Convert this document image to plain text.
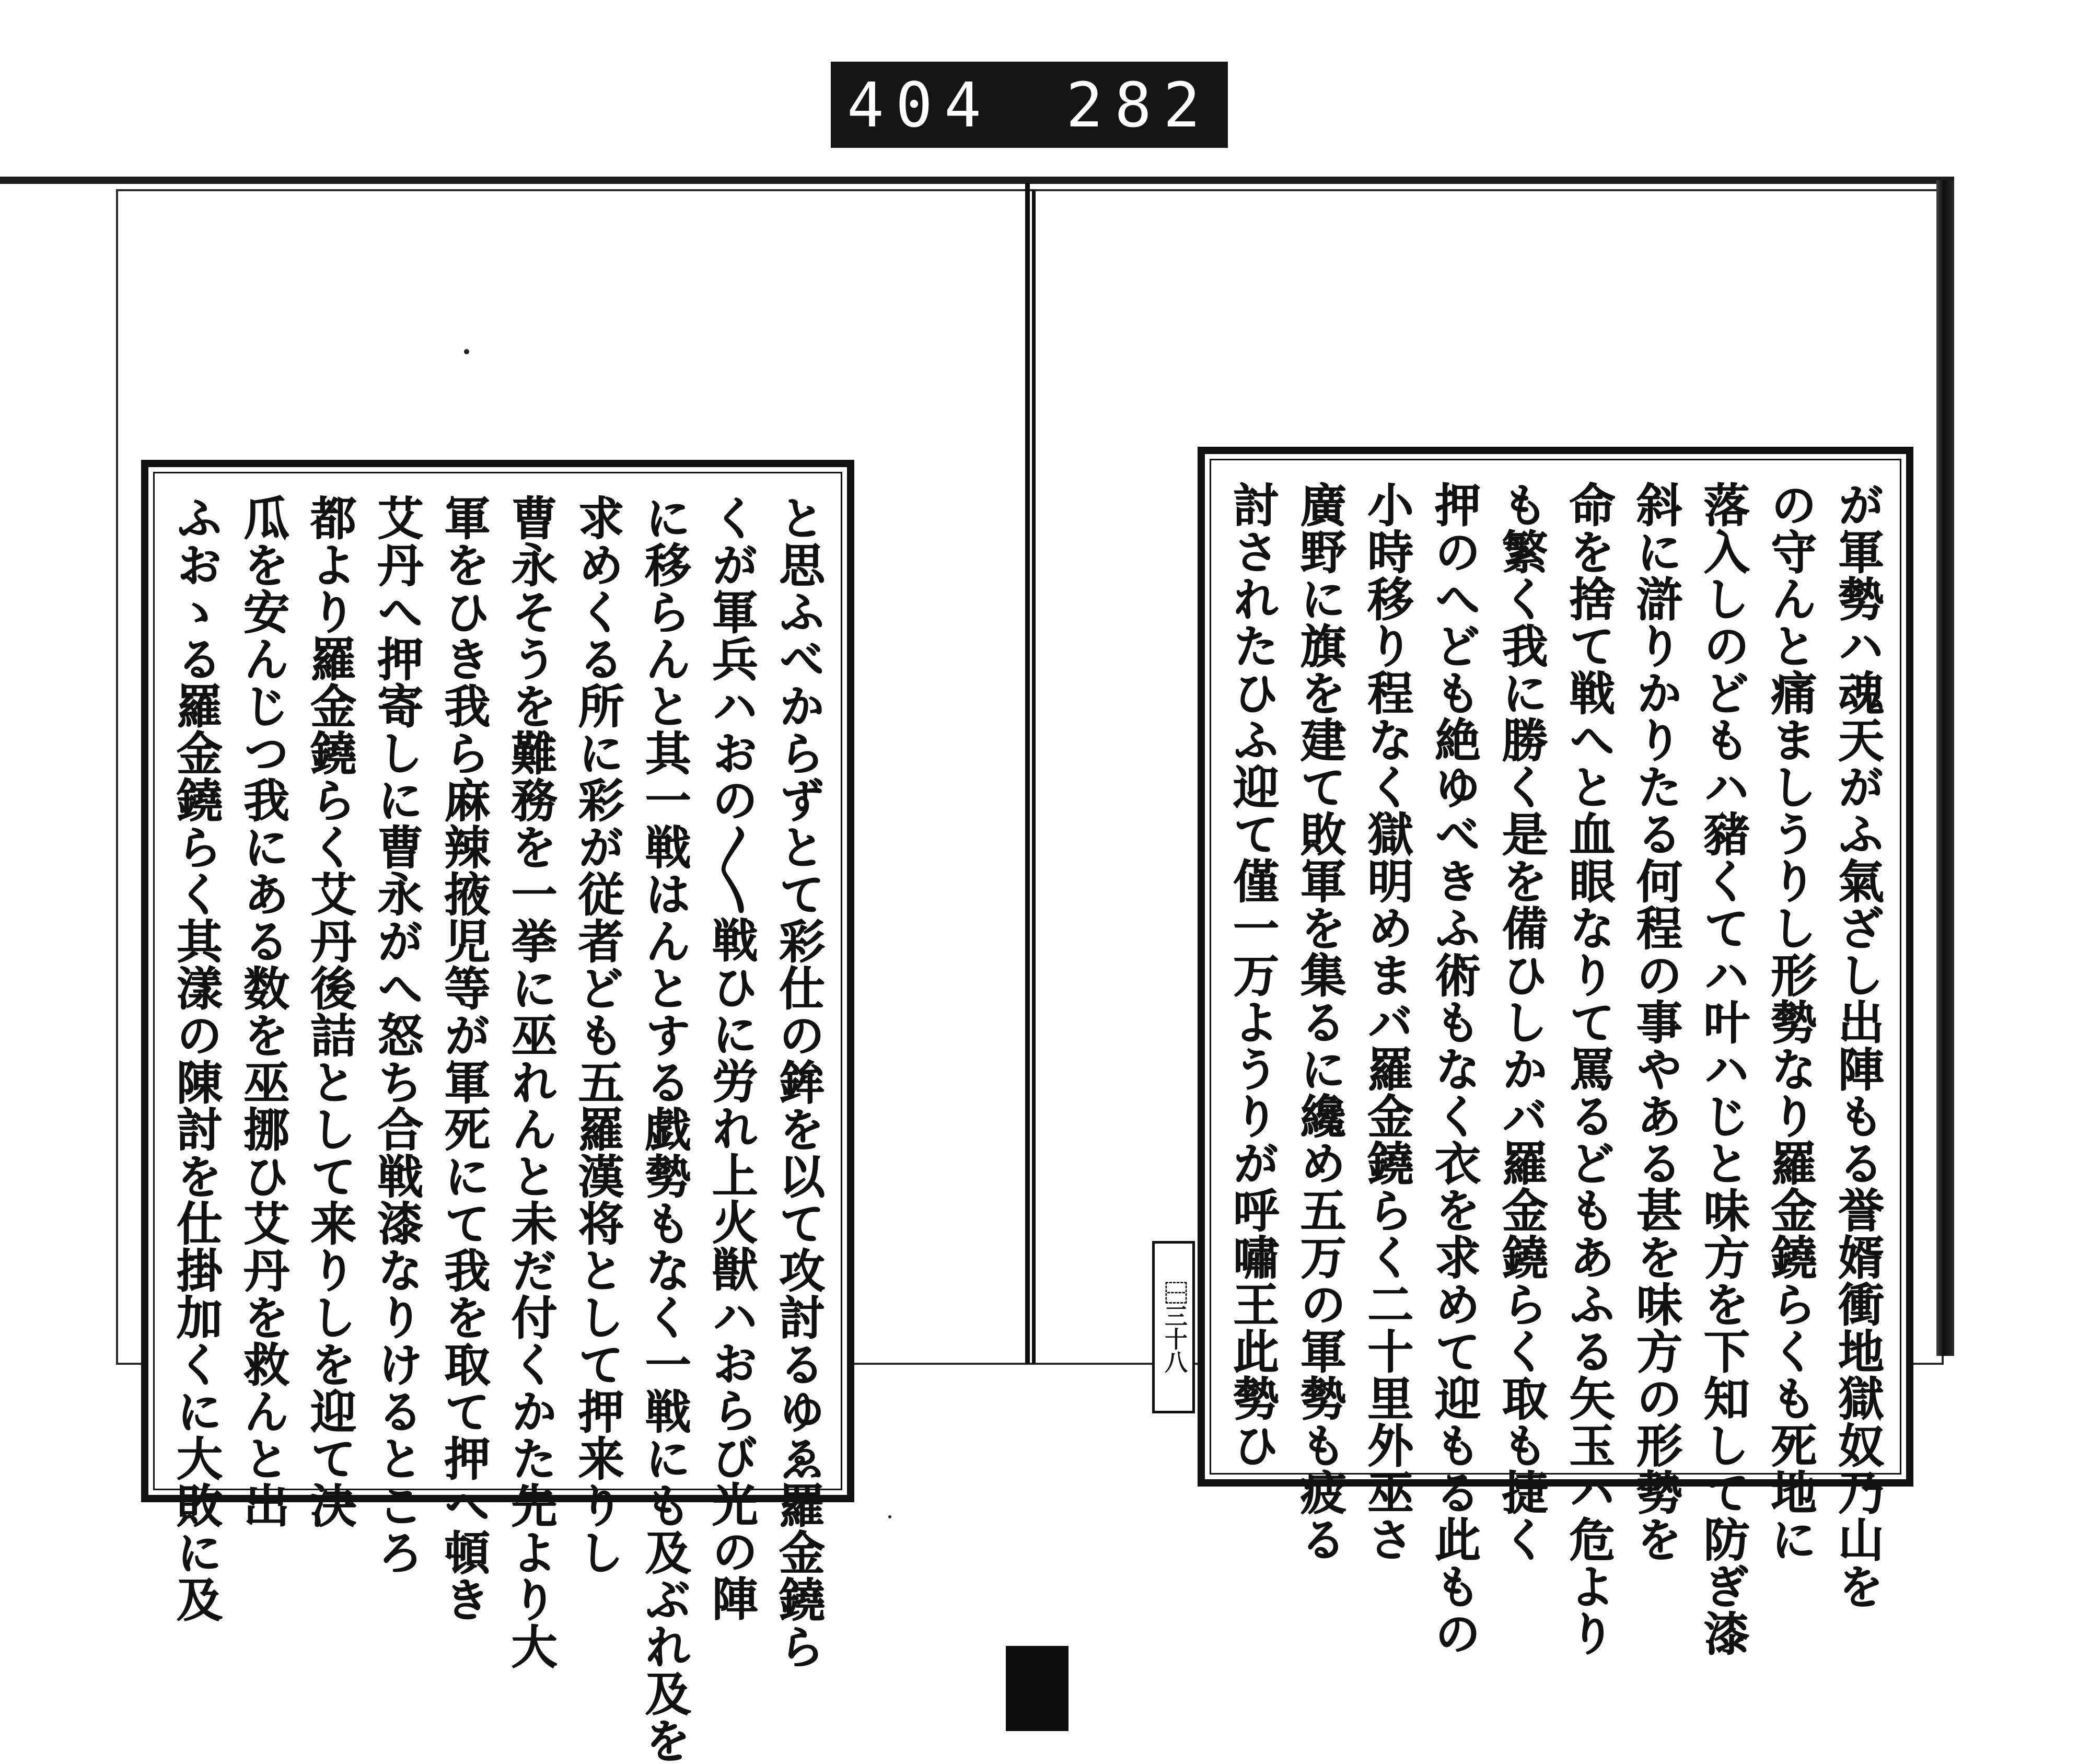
404 282
と思ふべからずとて彩仕の鉾を以て攻討るゆゑ羅金鐃ら
くが軍兵ハおの〳〵戦ひに労れ上火獣ハおらび光の陣
に移らんと其一戦はんとする戯勢もなく一戦にも及ぶれ及を
求めくる所に彩が従者ども五羅漢将として押来りし
曹永そうを難務を一挙に巫れんと未だ付くかた先より大
軍をひき我ら麻辣掖児等が軍死にて我を取て押へ頓き
艾丹へ押寄しに曹永がへ怒ち合戦漆なりけるところ
都より羅金鐃らく艾丹後詰として来りしを迎て決
瓜を安んじつ我にある数を巫挪ひ艾丹を救んと出
ふおゝる羅金鐃らく其漾の陳討を仕掛加くに大敗に及	が軍勢ハ魂天がふ氣ざし出陣もる誉婿衝地獄奴乃山を
の守んと痛ましうりし形勢なり羅金鐃らくも死地に
落入しのどもハ豬くてハ叶ハじと味方を下知して防ぎ漆
斜に滸りかりたる何程の事やある甚を味方の形勢を
命を捨て戦へと血眼なりて罵るどもあふる矢玉ハ危より
も繁く我に勝く是を備ひしかバ羅金鐃らく取も捷く
押のへども絶ゆべきふ術もなく衣を求めて迎もる此もの
小時移り程なく獄明めまバ羅金鐃らく二十里外巫さ
廣野に旗を建て敗軍を集るに纔め五万の軍勢も疲る
討されたひふ迎て僅一万ようりが呼嘯王此勢ひ
⿱三十八
